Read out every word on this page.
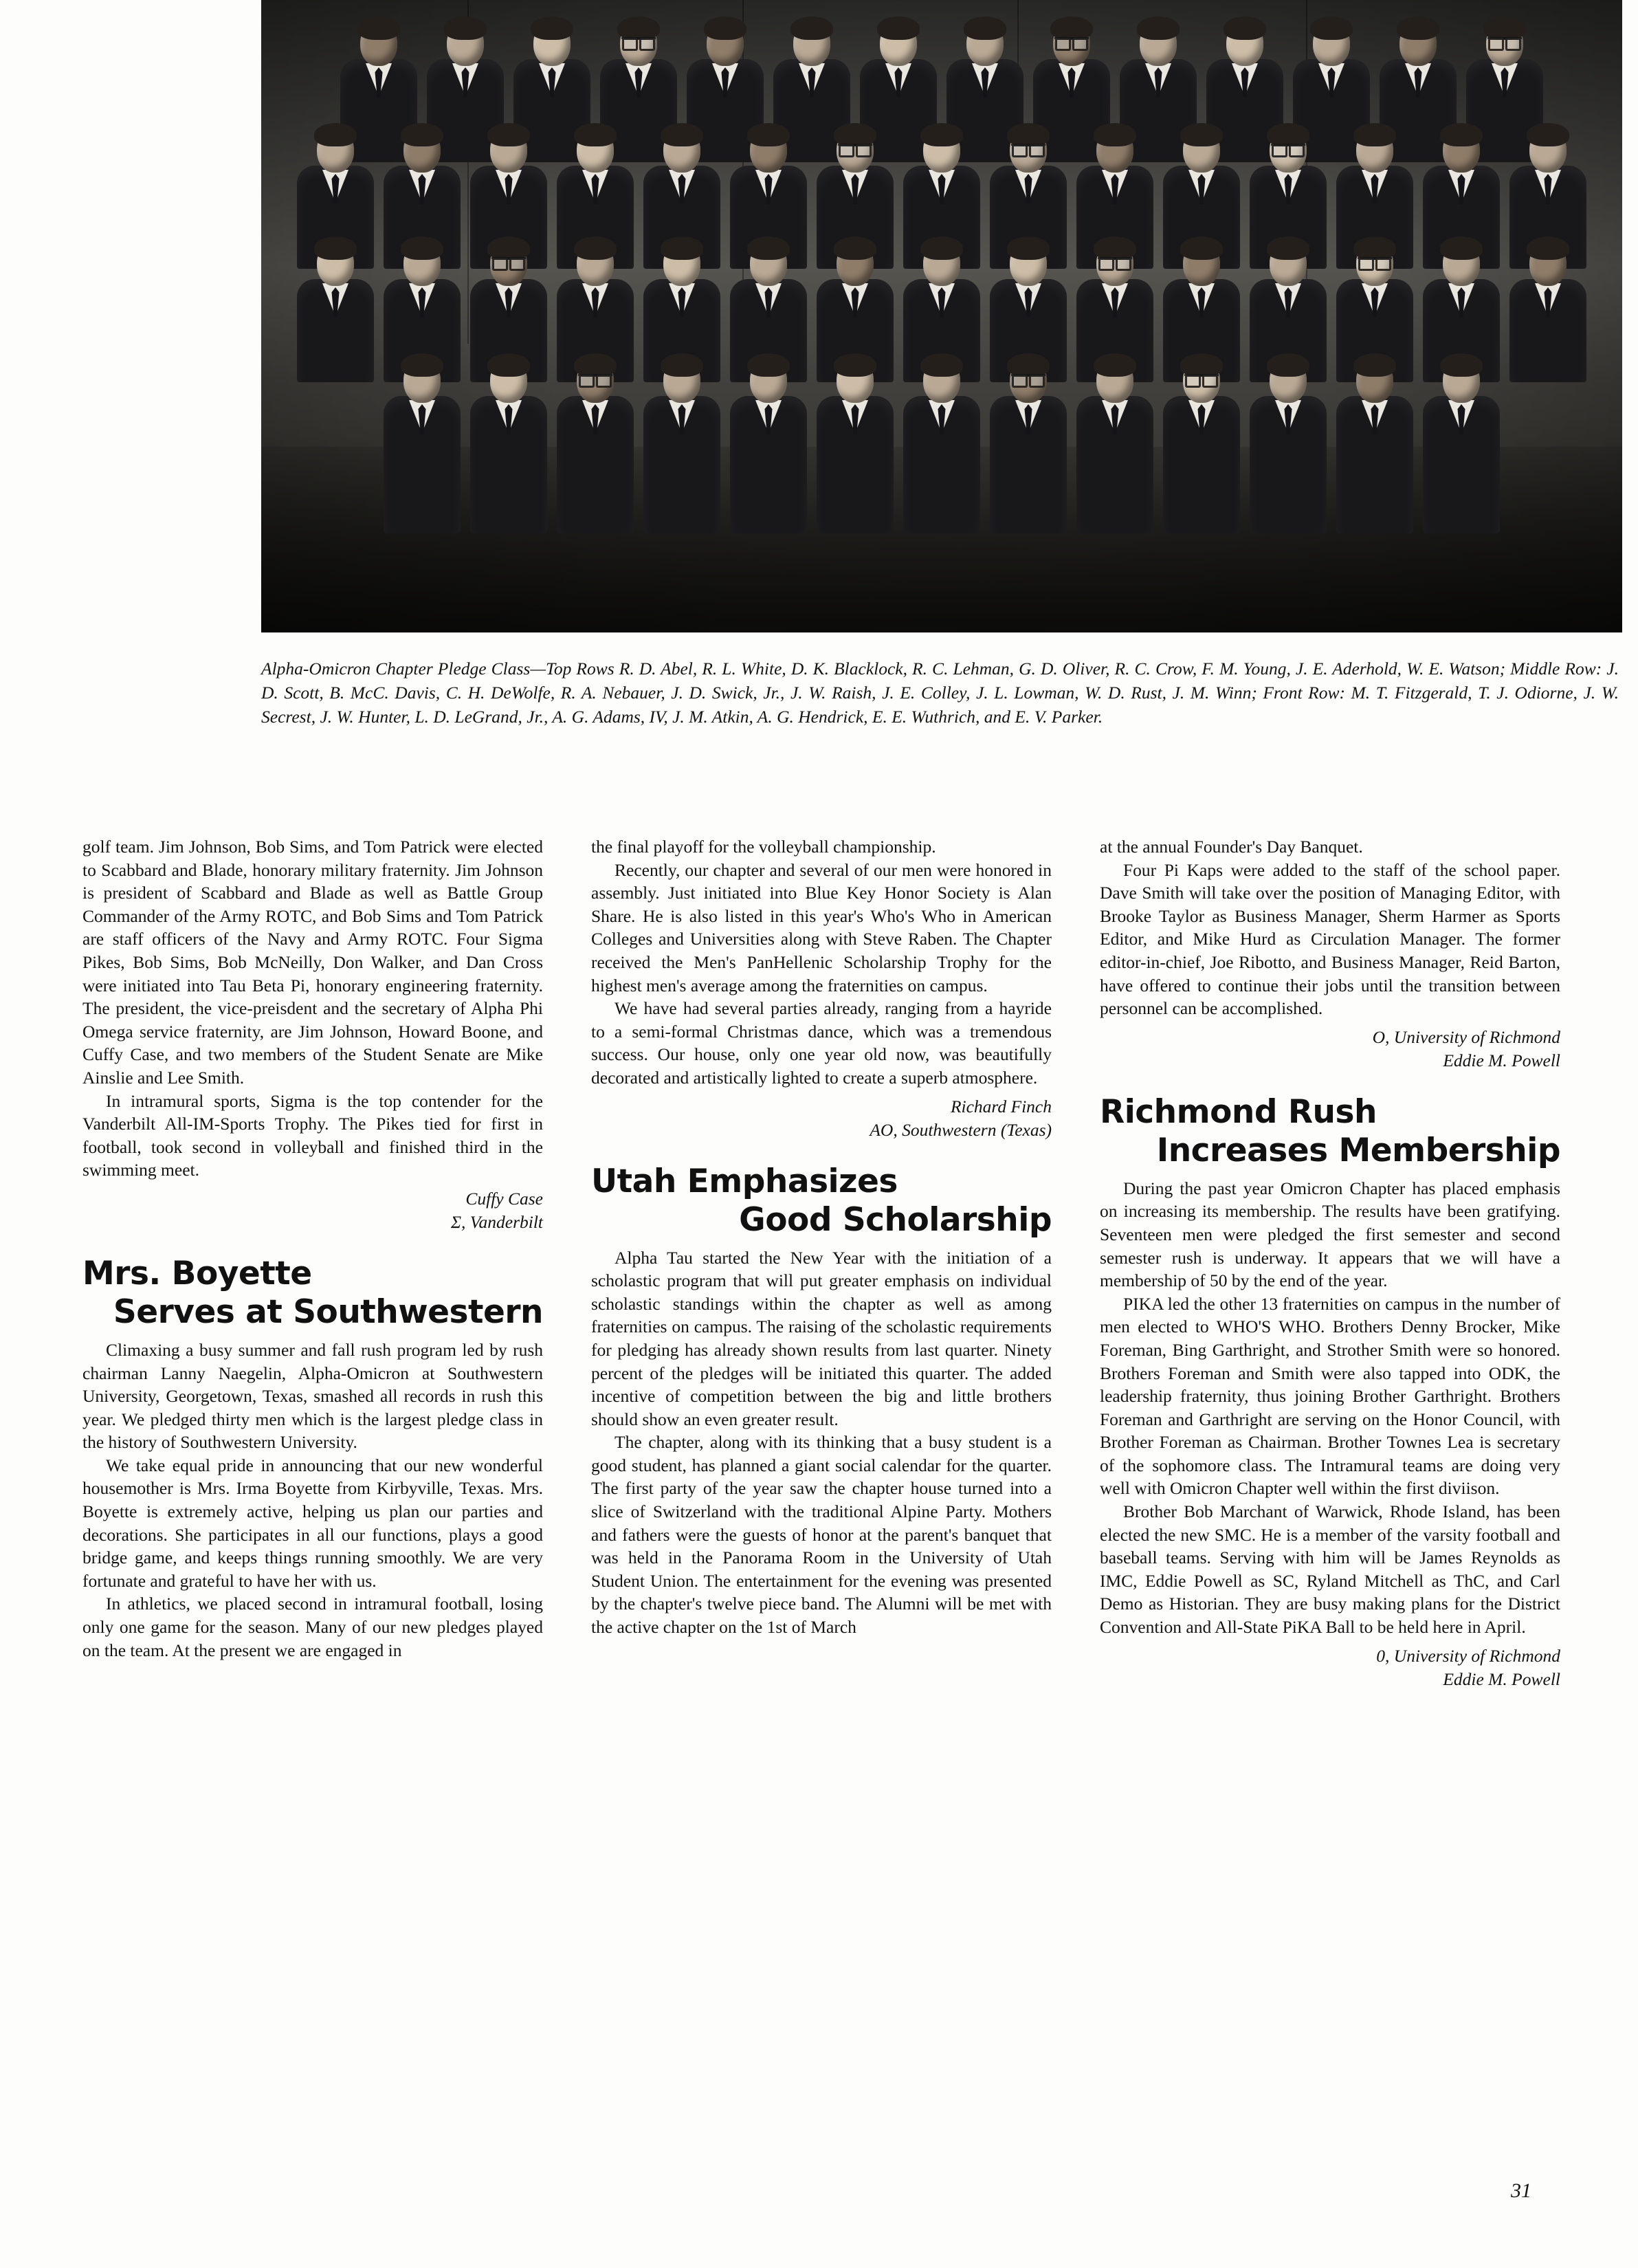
Alpha-Omicron Chapter Pledge Class—Top Rows R. D. Abel, R. L. White, D. K. Blacklock, R. C. Lehman, G. D. Oliver, R. C. Crow, F. M. Young, J. E. Aderhold, W. E. Watson; Middle Row: J. D. Scott, B. McC. Davis, C. H. DeWolfe, R. A. Nebauer, J. D. Swick, Jr., J. W. Raish, J. E. Colley, J. L. Lowman, W. D. Rust, J. M. Winn; Front Row: M. T. Fitzgerald, T. J. Odiorne, J. W. Secrest, J. W. Hunter, L. D. LeGrand, Jr., A. G. Adams, IV, J. M. Atkin, A. G. Hendrick, E. E. Wuthrich, and E. V. Parker.

golf team. Jim Johnson, Bob Sims, and Tom Patrick were elected to Scabbard and Blade, honorary military fraternity. Jim Johnson is president of Scabbard and Blade as well as Battle Group Commander of the Army ROTC, and Bob Sims and Tom Patrick are staff officers of the Navy and Army ROTC. Four Sigma Pikes, Bob Sims, Bob McNeilly, Don Walker, and Dan Cross were initiated into Tau Beta Pi, honorary engineering fraternity. The president, the vice-preisdent and the secretary of Alpha Phi Omega service fraternity, are Jim Johnson, Howard Boone, and Cuffy Case, and two members of the Student Senate are Mike Ainslie and Lee Smith.

In intramural sports, Sigma is the top contender for the Vanderbilt All-IM-Sports Trophy. The Pikes tied for first in football, took second in volleyball and finished third in the swimming meet.

Cuffy Case
Σ, Vanderbilt
Mrs. Boyette
Serves at Southwestern

Climaxing a busy summer and fall rush program led by rush chairman Lanny Naegelin, Alpha-Omicron at Southwestern University, Georgetown, Texas, smashed all records in rush this year. We pledged thirty men which is the largest pledge class in the history of Southwestern University.

We take equal pride in announcing that our new wonderful housemother is Mrs. Irma Boyette from Kirbyville, Texas. Mrs. Boyette is extremely active, helping us plan our parties and decorations. She participates in all our functions, plays a good bridge game, and keeps things running smoothly. We are very fortunate and grateful to have her with us.

In athletics, we placed second in intramural football, losing only one game for the season. Many of our new pledges played on the team. At the present we are engaged in

the final playoff for the volleyball championship.

Recently, our chapter and several of our men were honored in assembly. Just initiated into Blue Key Honor Society is Alan Share. He is also listed in this year's Who's Who in American Colleges and Universities along with Steve Raben. The Chapter received the Men's PanHellenic Scholarship Trophy for the highest men's average among the fraternities on campus.

We have had several parties already, ranging from a hayride to a semi-formal Christmas dance, which was a tremendous success. Our house, only one year old now, was beautifully decorated and artistically lighted to create a superb atmosphere.

Richard Finch
AO, Southwestern (Texas)
Utah Emphasizes
Good Scholarship

Alpha Tau started the New Year with the initiation of a scholastic program that will put greater emphasis on individual scholastic standings within the chapter as well as among fraternities on campus. The raising of the scholastic requirements for pledging has already shown results from last quarter. Ninety percent of the pledges will be initiated this quarter. The added incentive of competition between the big and little brothers should show an even greater result.

The chapter, along with its thinking that a busy student is a good student, has planned a giant social calendar for the quarter. The first party of the year saw the chapter house turned into a slice of Switzerland with the traditional Alpine Party. Mothers and fathers were the guests of honor at the parent's banquet that was held in the Panorama Room in the University of Utah Student Union. The entertainment for the evening was presented by the chapter's twelve piece band. The Alumni will be met with the active chapter on the 1st of March

at the annual Founder's Day Banquet.

Four Pi Kaps were added to the staff of the school paper. Dave Smith will take over the position of Managing Editor, with Brooke Taylor as Business Manager, Sherm Harmer as Sports Editor, and Mike Hurd as Circulation Manager. The former editor-in-chief, Joe Ribotto, and Business Manager, Reid Barton, have offered to continue their jobs until the transition between personnel can be accomplished.

O, University of Richmond
Eddie M. Powell
Richmond Rush
Increases Membership

During the past year Omicron Chapter has placed emphasis on increasing its membership. The results have been gratifying. Seventeen men were pledged the first semester and second semester rush is underway. It appears that we will have a membership of 50 by the end of the year.

PIKA led the other 13 fraternities on campus in the number of men elected to WHO'S WHO. Brothers Denny Brocker, Mike Foreman, Bing Garthright, and Strother Smith were so honored. Brothers Foreman and Smith were also tapped into ODK, the leadership fraternity, thus joining Brother Garthright. Brothers Foreman and Garthright are serving on the Honor Council, with Brother Foreman as Chairman. Brother Townes Lea is secretary of the sophomore class. The Intramural teams are doing very well with Omicron Chapter well within the first diviison.

Brother Bob Marchant of Warwick, Rhode Island, has been elected the new SMC. He is a member of the varsity football and baseball teams. Serving with him will be James Reynolds as IMC, Eddie Powell as SC, Ryland Mitchell as ThC, and Carl Demo as Historian. They are busy making plans for the District Convention and All-State PiKA Ball to be held here in April.

0, University of Richmond
Eddie M. Powell
31
